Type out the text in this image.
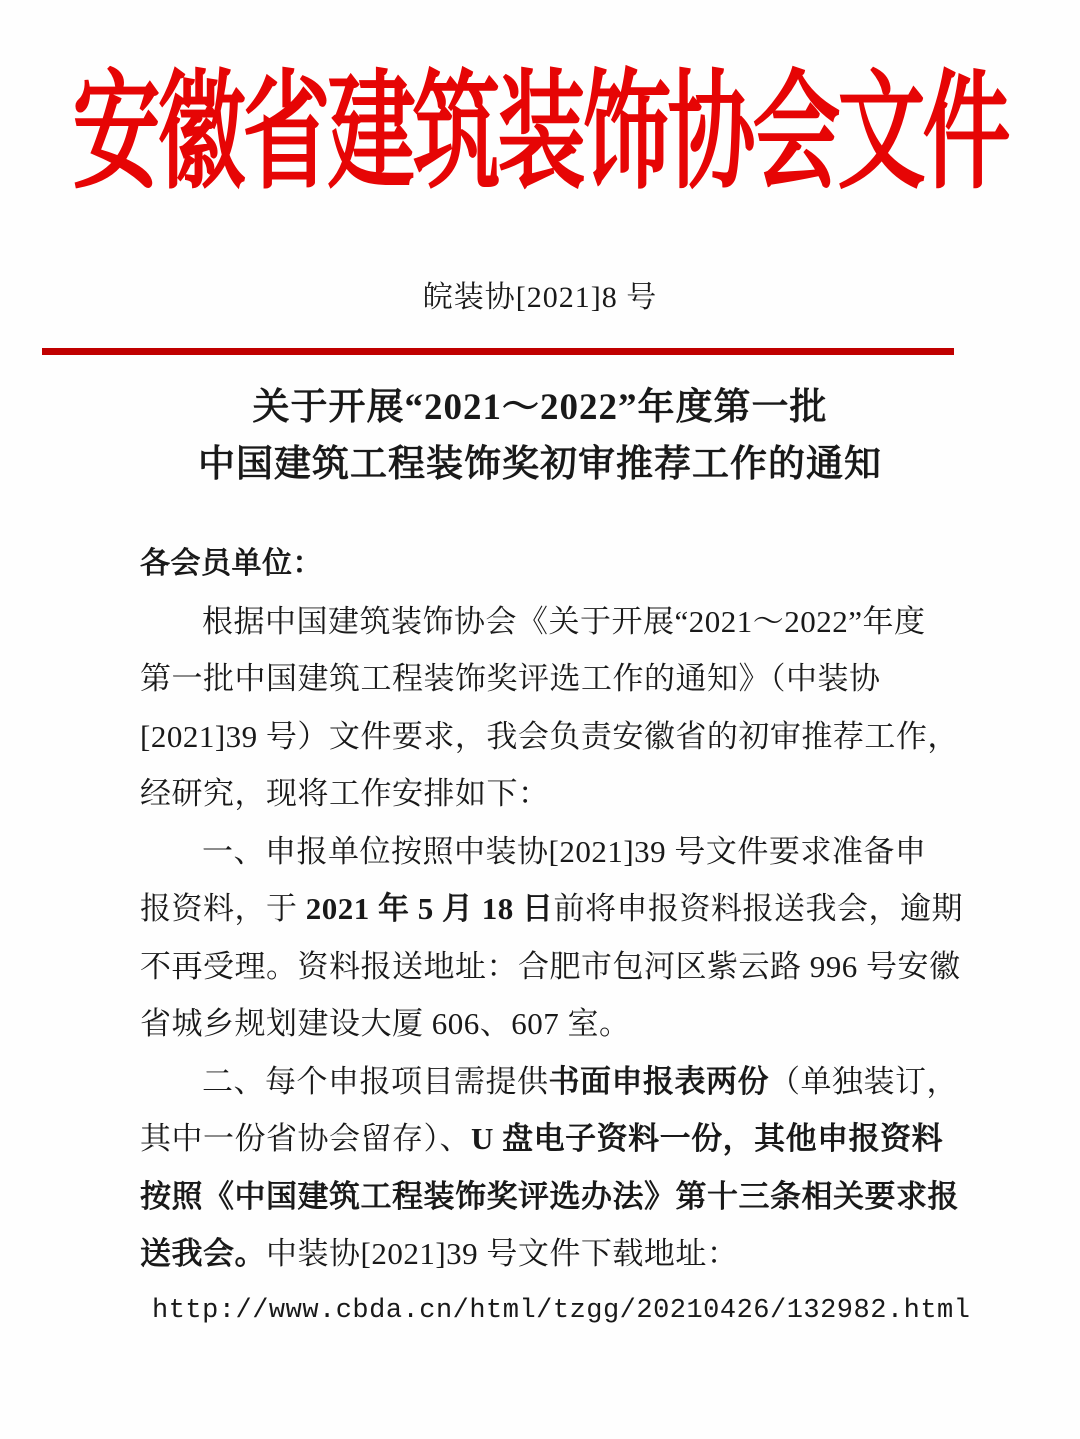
安徽省建筑装饰协会文件
皖装协[2021]8 号
关于开展“2021～2022”年度第一批
中国建筑工程装饰奖初审推荐工作的通知
各会员单位：
根据中国建筑装饰协会《关于开展“2021～2022”年度
第一批中国建筑工程装饰奖评选工作的通知》（中装协
[2021]39 号）文件要求，我会负责安徽省的初审推荐工作，
经研究，现将工作安排如下：
一、申报单位按照中装协[2021]39 号文件要求准备申
报资料，于 2021 年 5 月 18 日前将申报资料报送我会，逾期
不再受理。资料报送地址：合肥市包河区紫云路 996 号安徽
省城乡规划建设大厦 606、607 室。
二、每个申报项目需提供书面申报表两份（单独装订，
其中一份省协会留存）、U 盘电子资料一份，其他申报资料
按照《中国建筑工程装饰奖评选办法》第十三条相关要求报
送我会。中装协[2021]39 号文件下载地址：
http://www.cbda.cn/html/tzgg/20210426/132982.html
